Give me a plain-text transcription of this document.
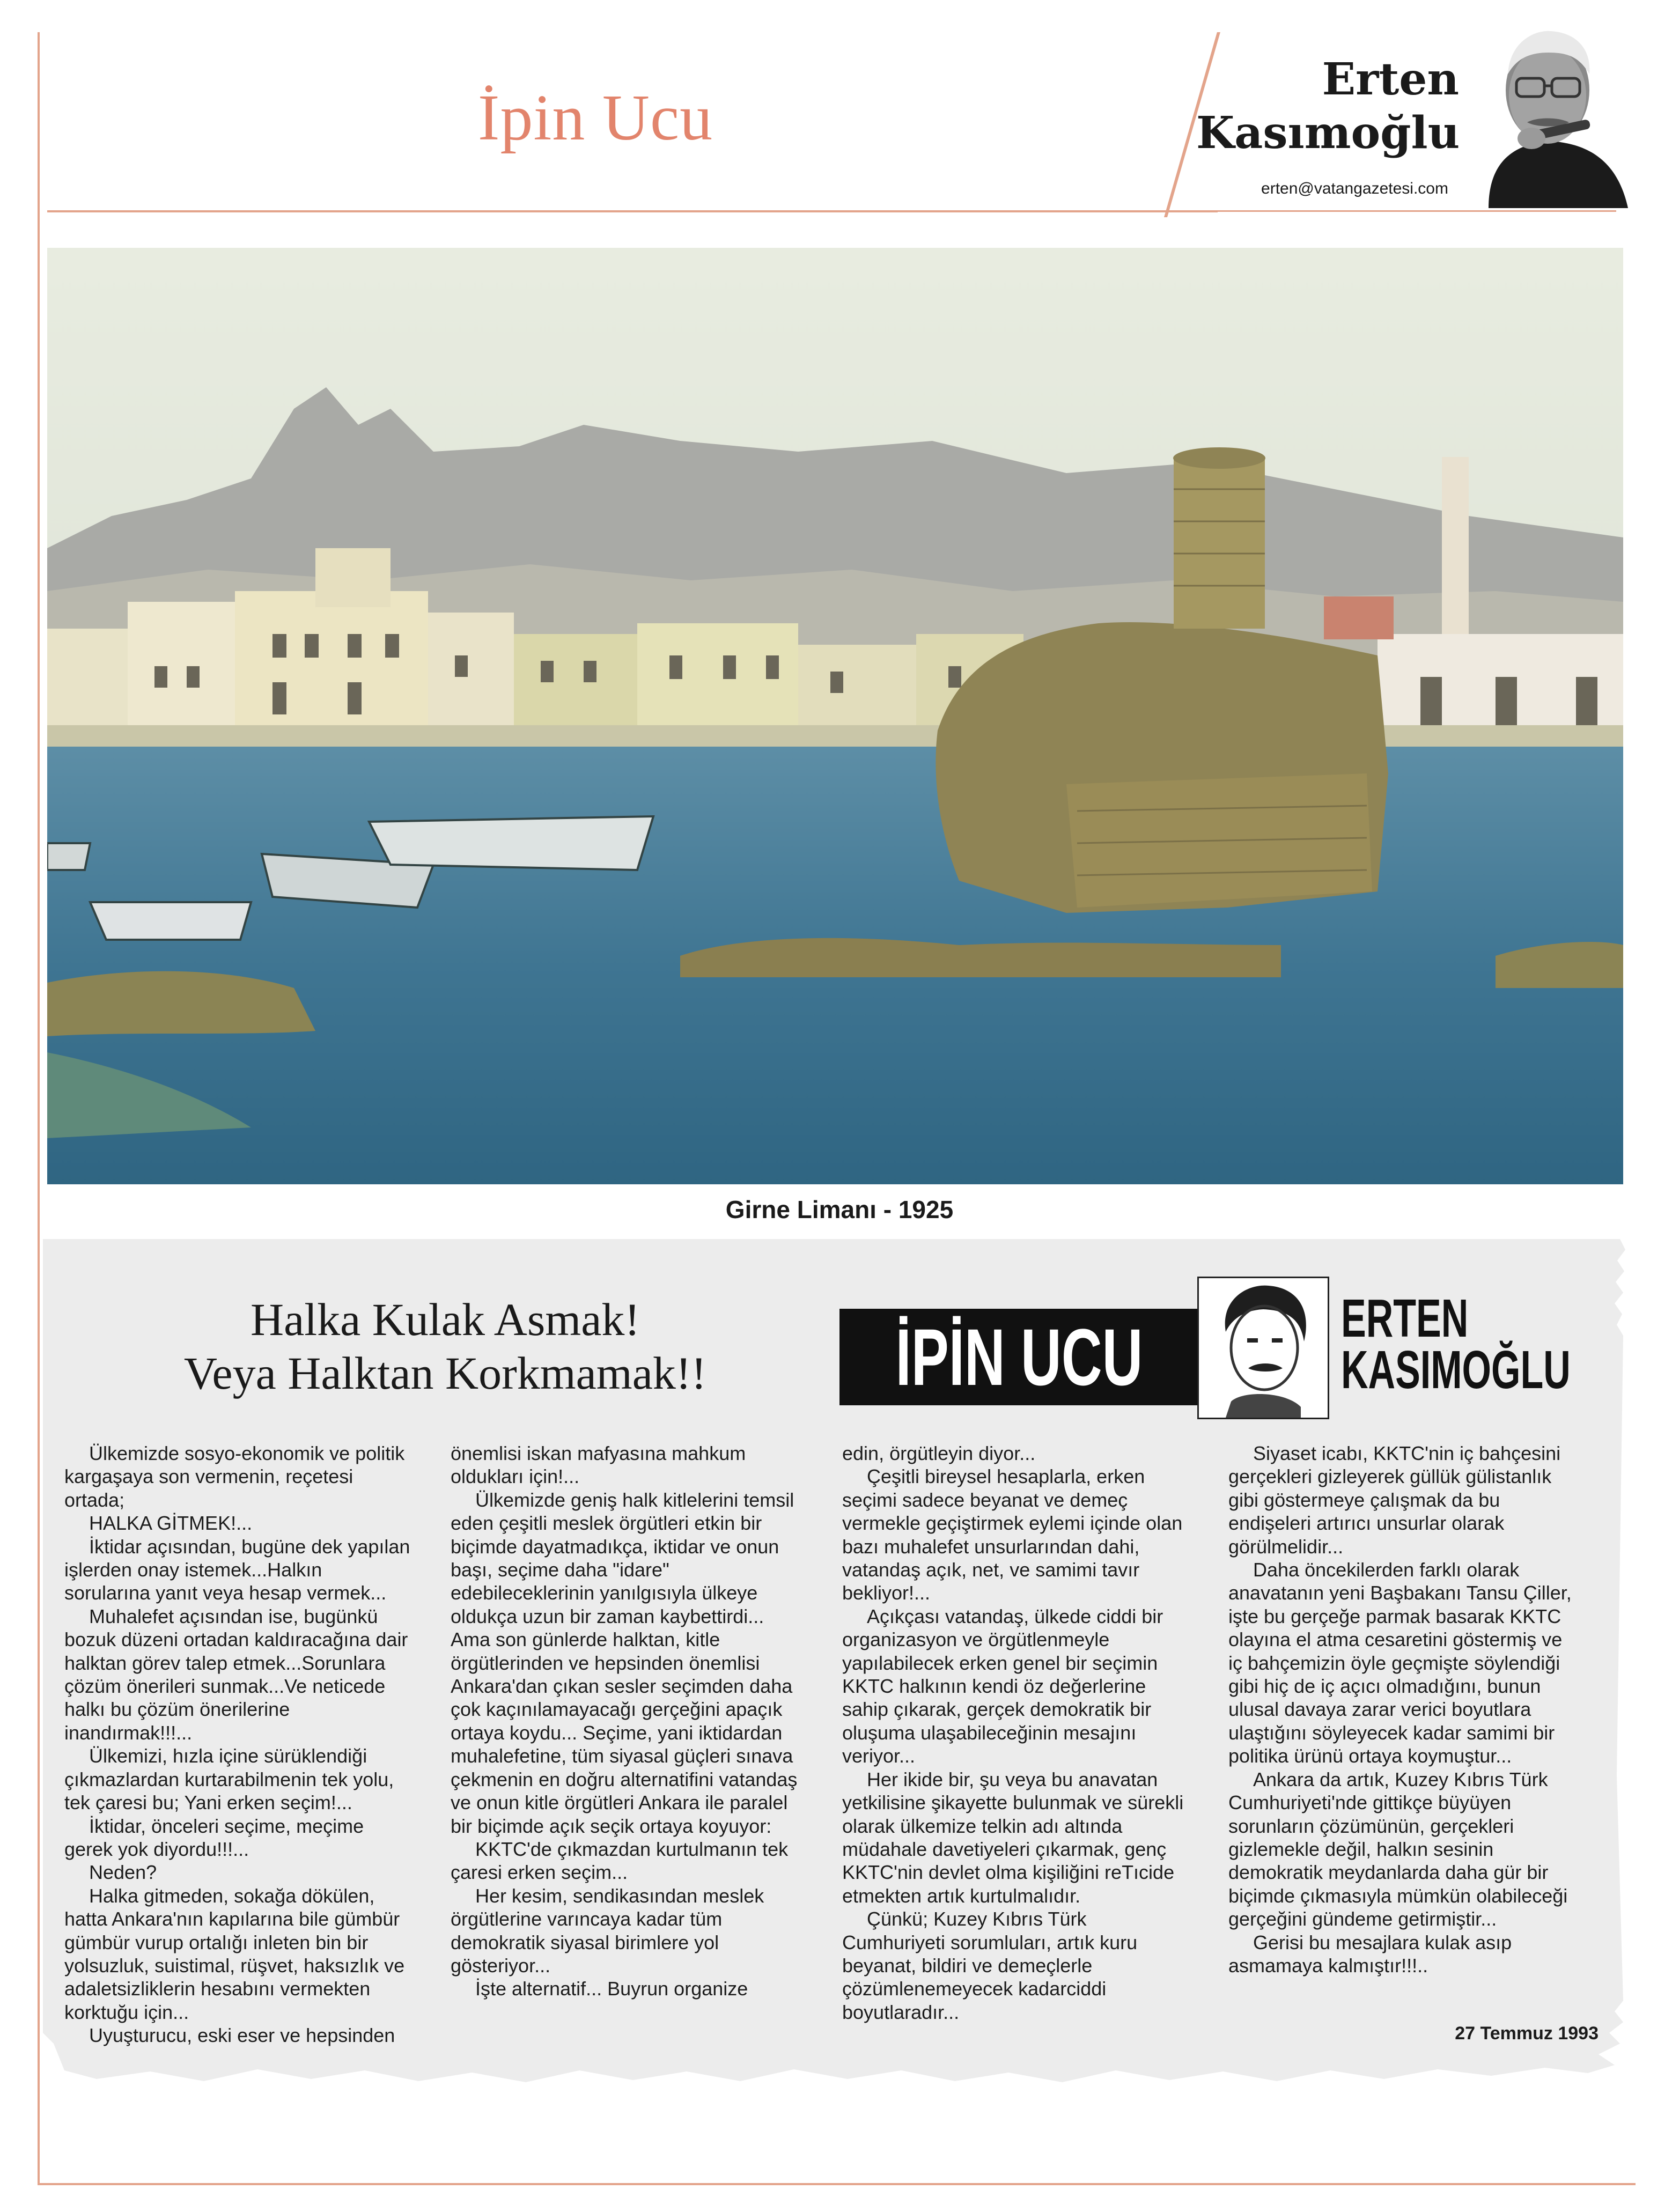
İpin Ucu
Erten
Kasımoğlu
erten@vatangazetesi.com
Girne Limanı - 1925
Halka Kulak Asmak!
Veya Halktan Korkmamak!!	İPİN UCU	ERTEN
KASIMOĞLU

Ülkemizde sosyo-ekonomik ve politik kargaşaya son vermenin, reçetesi ortada;

HALKA GİTMEK!...

İktidar açısından, bugüne dek yapılan işlerden onay istemek...Halkın sorularına yanıt veya hesap vermek...

Muhalefet açısından ise, bugünkü bozuk düzeni ortadan kaldıracağına dair halktan görev talep etmek...Sorunlara çözüm önerileri sunmak...Ve neticede halkı bu çözüm önerilerine inandırmak!!!...

Ülkemizi, hızla içine sürüklendiği çıkmazlardan kurtarabilmenin tek yolu, tek çaresi bu; Yani erken seçim!...

İktidar, önceleri seçime, meçime gerek yok diyordu!!!...

Neden?

Halka gitmeden, sokağa dökülen, hatta Ankara'nın kapılarına bile gümbür gümbür vurup ortalığı inleten bin bir yolsuzluk, suistimal, rüşvet, haksızlık ve adaletsizliklerin hesabını vermekten korktuğu için...

Uyuşturucu, eski eser ve hepsinden

önemlisi iskan mafyasına mahkum oldukları için!...

Ülkemizde geniş halk kitlelerini temsil eden çeşitli meslek örgütleri etkin bir biçimde dayatmadıkça, iktidar ve onun başı, seçime daha "idare" edebileceklerinin yanılgısıyla ülkeye oldukça uzun bir zaman kaybettirdi... Ama son günlerde halktan, kitle örgütlerinden ve hepsinden önemlisi Ankara'dan çıkan sesler seçimden daha çok kaçınılamayacağı gerçeğini apaçık ortaya koydu... Seçime, yani iktidardan muhalefetine, tüm siyasal güçleri sınava çekmenin en doğru alternatifini vatandaş ve onun kitle örgütleri Ankara ile paralel bir biçimde açık seçik ortaya koyuyor:

KKTC'de çıkmazdan kurtulmanın tek çaresi erken seçim...

Her kesim, sendikasından meslek örgütlerine varıncaya kadar tüm demokratik siyasal birimlere yol gösteriyor...

İşte alternatif... Buyrun organize

edin, örgütleyin diyor...

Çeşitli bireysel hesaplarla, erken seçimi sadece beyanat ve demeç vermekle geçiştirmek eylemi içinde olan bazı muhalefet unsurlarından dahi, vatandaş açık, net, ve samimi tavır bekliyor!...

Açıkçası vatandaş, ülkede ciddi bir organizasyon ve örgütlenmeyle yapılabilecek erken genel bir seçimin KKTC halkının kendi öz değerlerine sahip çıkarak, gerçek demokratik bir oluşuma ulaşabileceğinin mesajını veriyor...

Her ikide bir, şu veya bu anavatan yetkilisine şikayette bulunmak ve sürekli olarak ülkemize telkin adı altında müdahale davetiyeleri çıkarmak, genç KKTC'nin devlet olma kişiliğini reTıcide etmekten artık kurtulmalıdır.

Çünkü; Kuzey Kıbrıs Türk Cumhuriyeti sorumluları, artık kuru beyanat, bildiri ve demeçlerle çözümlenemeyecek kadarciddi boyutlaradır...

Siyaset icabı, KKTC'nin iç bahçesini gerçekleri gizleyerek güllük gülistanlık gibi göstermeye çalışmak da bu endişeleri artırıcı unsurlar olarak görülmelidir...

Daha öncekilerden farklı olarak anavatanın yeni Başbakanı Tansu Çiller, işte bu gerçeğe parmak basarak KKTC olayına el atma cesaretini göstermiş ve iç bahçemizin öyle geçmişte söylendiği gibi hiç de iç açıcı olmadığını, bunun ulusal davaya zarar verici boyutlara ulaştığını söyleyecek kadar samimi bir politika ürünü ortaya koymuştur...

Ankara da artık, Kuzey Kıbrıs Türk Cumhuriyeti'nde gittikçe büyüyen sorunların çözümünün, gerçekleri gizlemekle değil, halkın sesinin demokratik meydanlarda daha gür bir biçimde çıkmasıyla mümkün olabileceği gerçeğini gündeme getirmiştir...

Gerisi bu mesajlara kulak asıp asmamaya kalmıştır!!!..

27 Temmuz 1993
